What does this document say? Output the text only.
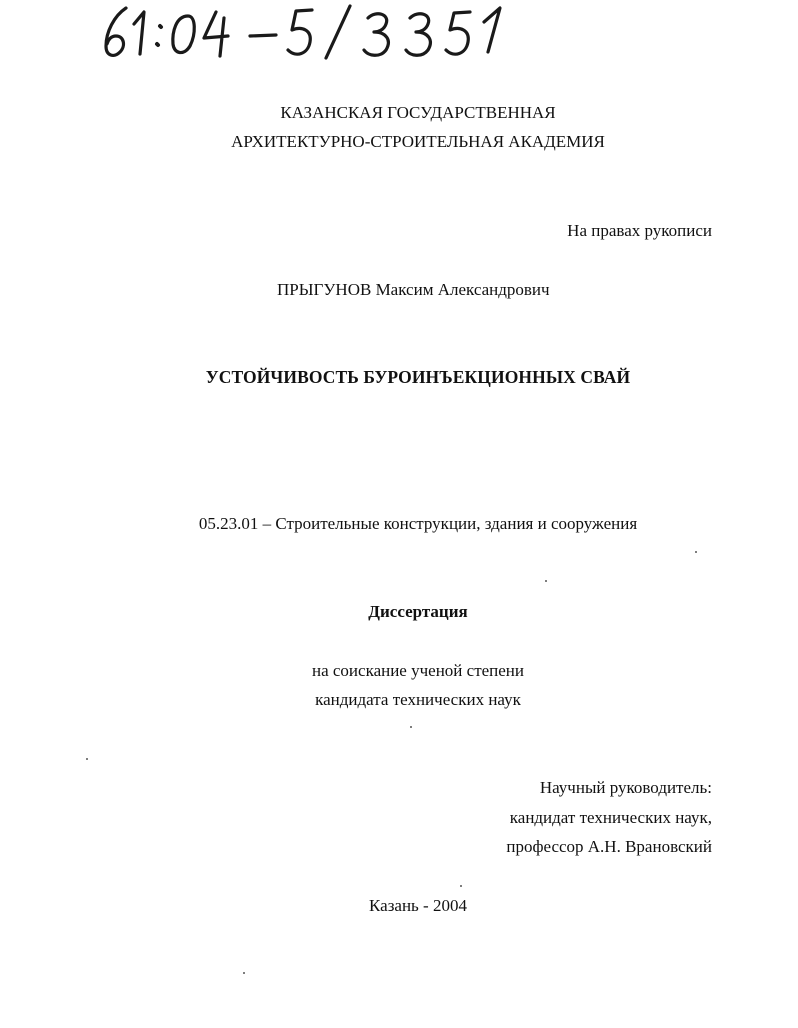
КАЗАНСКАЯ ГОСУДАРСТВЕННАЯ
АРХИТЕКТУРНО-СТРОИТЕЛЬНАЯ АКАДЕМИЯ
На правах рукописи
ПРЫГУНОВ Максим Александрович
УСТОЙЧИВОСТЬ БУРОИНЪЕКЦИОННЫХ СВАЙ
05.23.01 – Строительные конструкции, здания и сооружения
Диссертация
на соискание ученой степени
кандидата технических наук
Научный руководитель:
кандидат технических наук,
профессор А.Н. Врановский
Казань - 2004
